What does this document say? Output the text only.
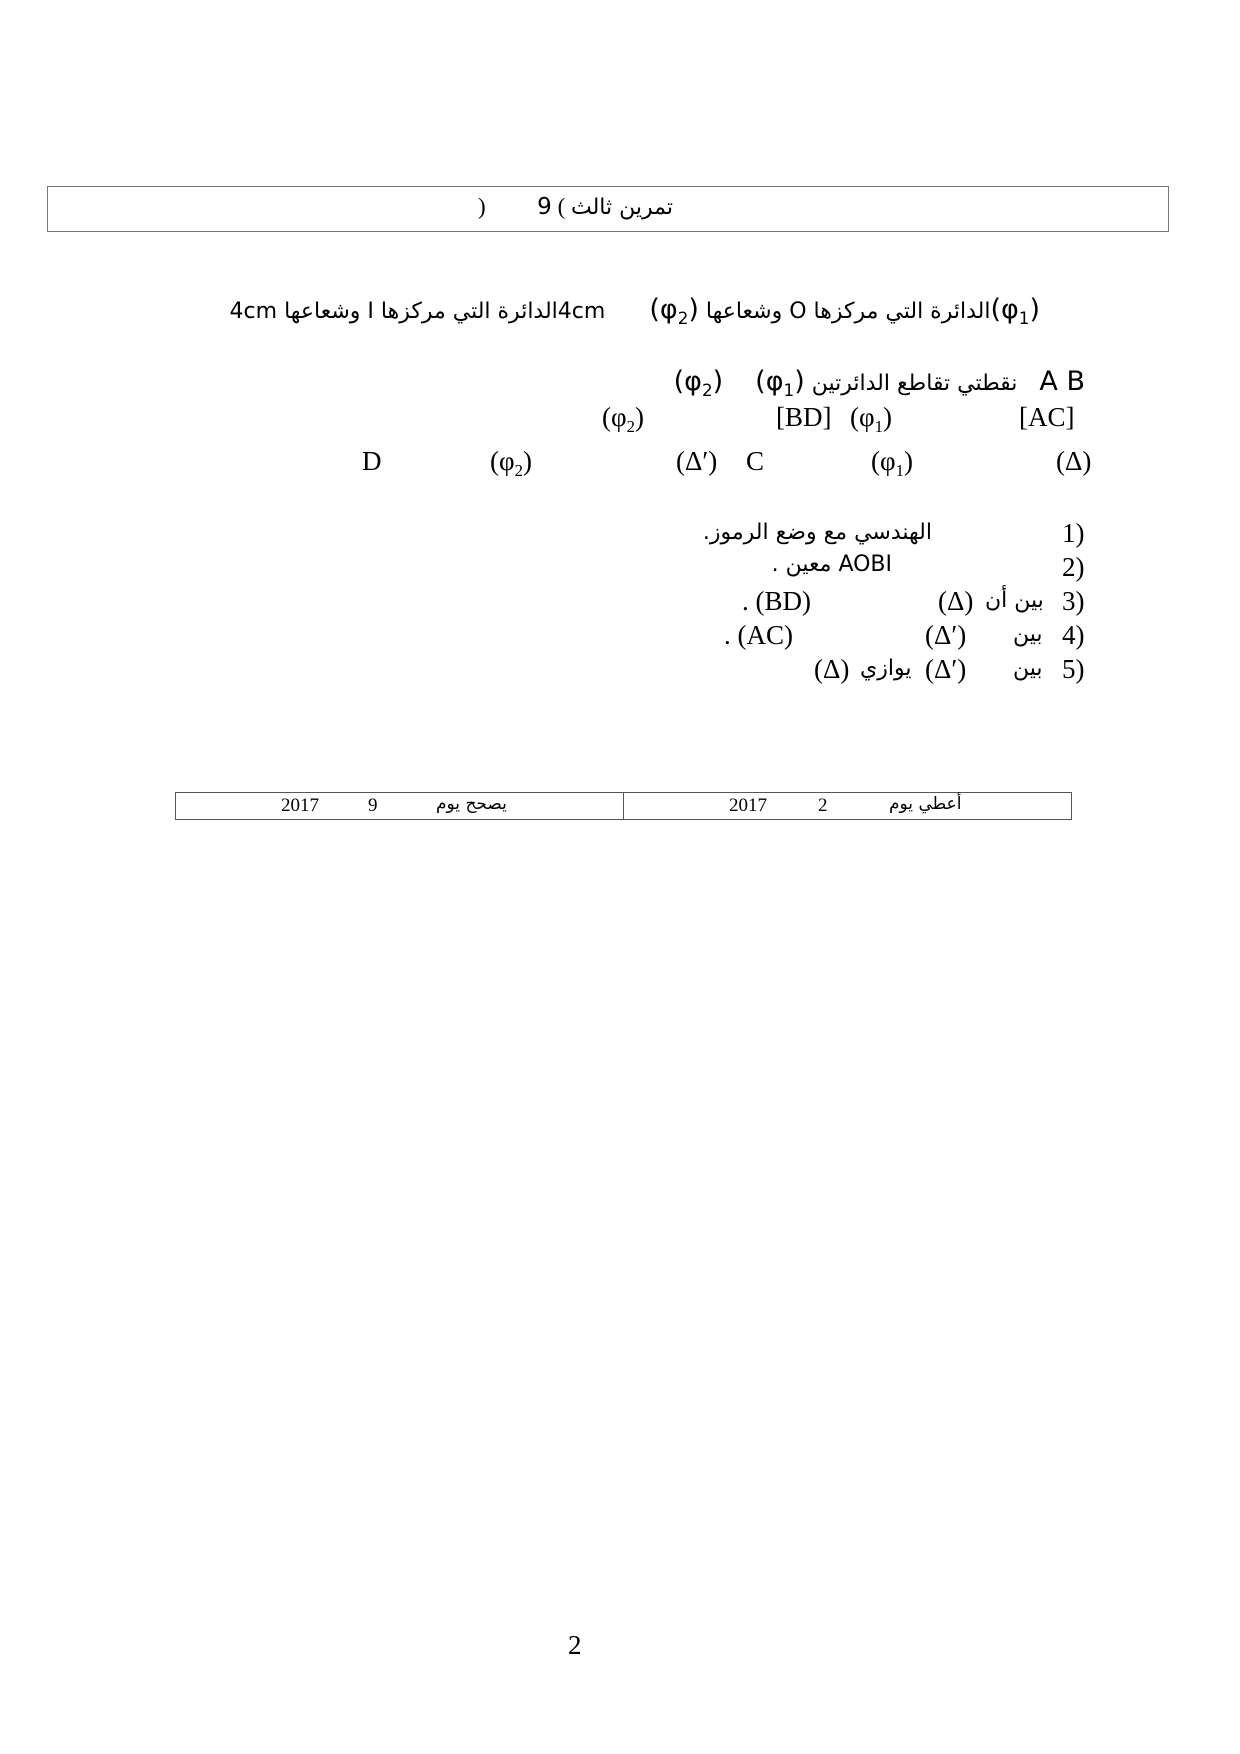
) 9 ( تمرين ثالث
$(\varphi_1)الدائرة$ التي مركزها O وشعاعها 4cm  $(\varphi_2)الدائرة$ التي مركزها I وشعاعها 4cm
A B  نقطتي تقاطع الدائرتين $(\varphi_1)$  $(\varphi_2)$
[AC]
$(\varphi_1)$
[BD]
$(\varphi_2)$
(Δ)
$(\varphi_1)$
C
(Δ′)
$(\varphi_2)$
D
1)
الهندسي مع وضع الرموز.
2)
AOBI معين .
3)
بين أن
(Δ)
. (BD)
4)
بين
(Δ′)
. (AC)
5)
بين
(Δ′)
يوازي
(Δ)
2017	9	يصحح يوم	2017	2	أعطي يوم
2
